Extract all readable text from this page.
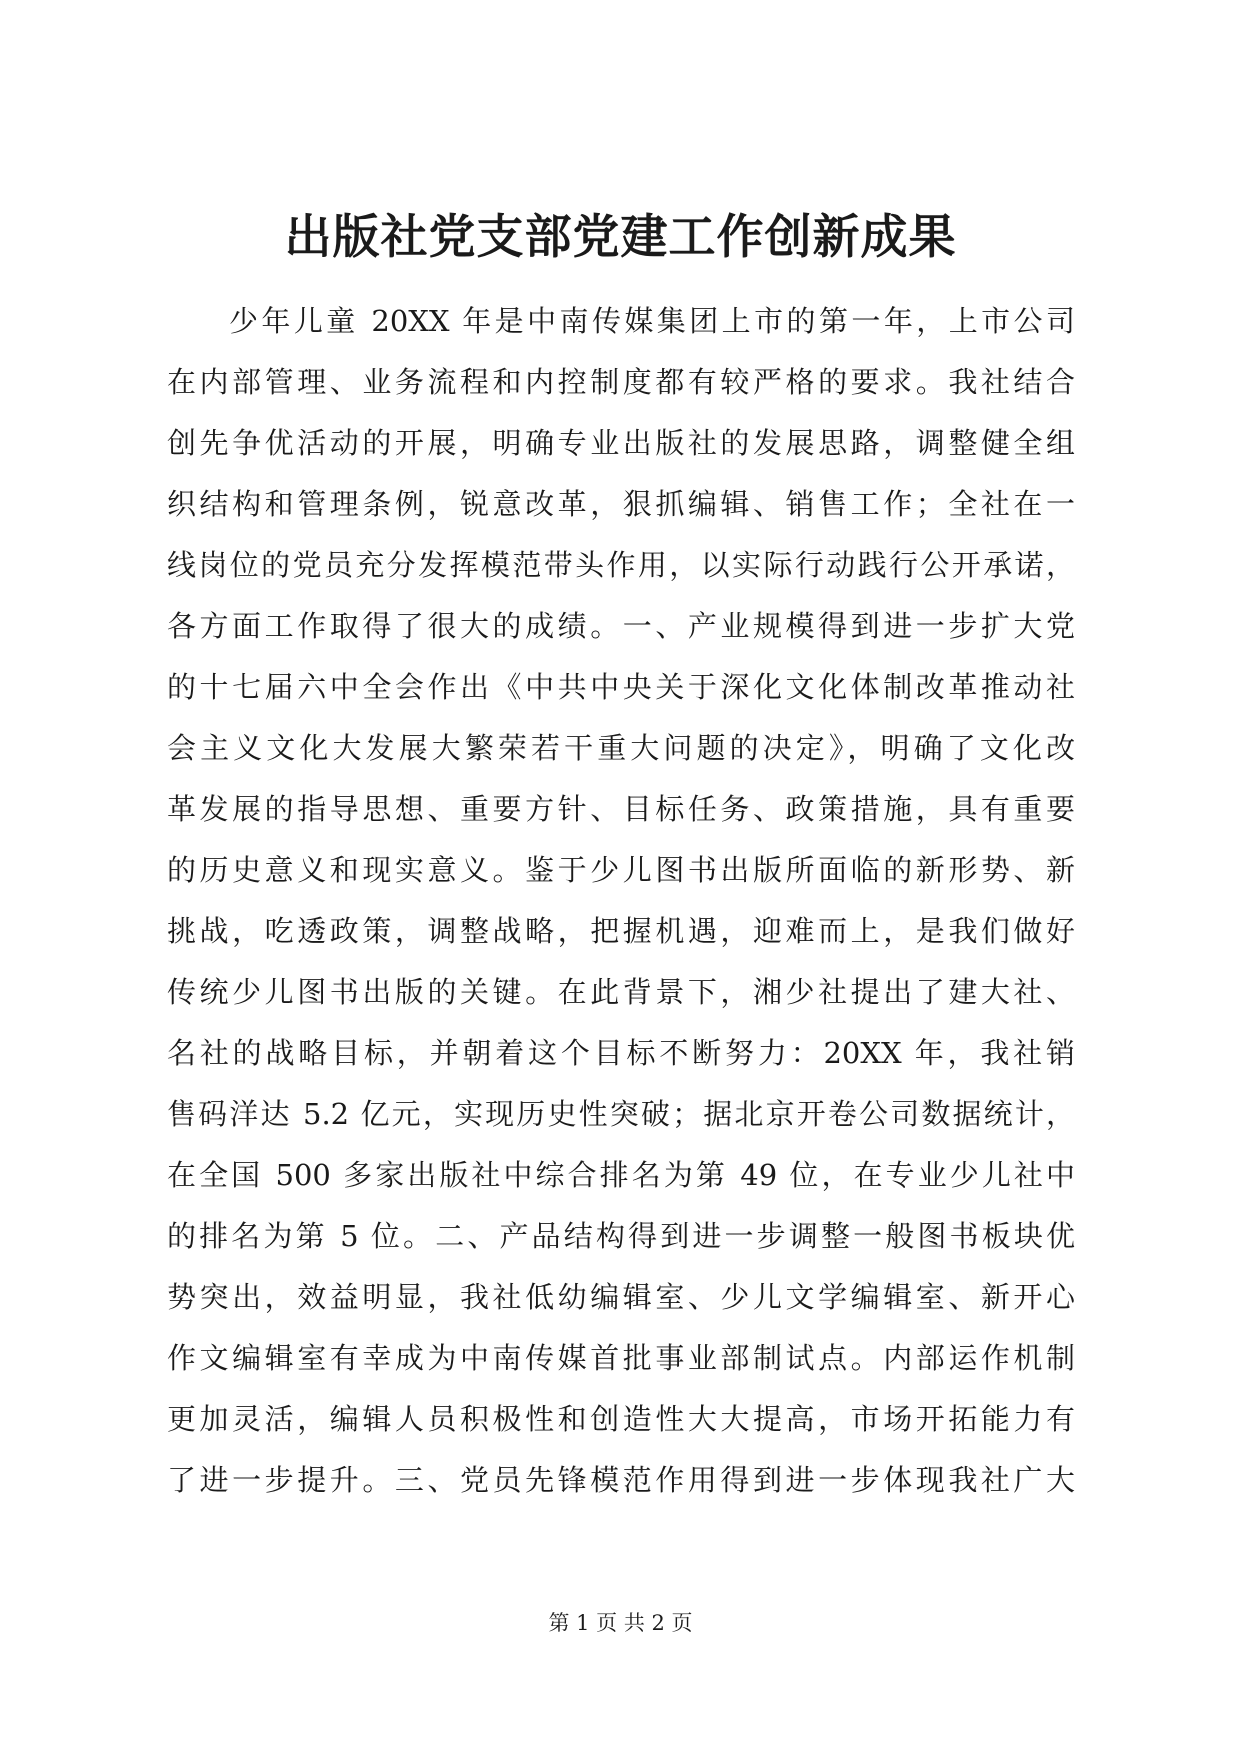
出版社党支部党建工作创新成果
少年儿童 20XX 年是中南传媒集团上市的第一年，上市公司
在内部管理、业务流程和内控制度都有较严格的要求。我社结合
创先争优活动的开展，明确专业出版社的发展思路，调整健全组
织结构和管理条例，锐意改革，狠抓编辑、销售工作；全社在一
线岗位的党员充分发挥模范带头作用，以实际行动践行公开承诺，
各方面工作取得了很大的成绩。一、产业规模得到进一步扩大党
的十七届六中全会作出《中共中央关于深化文化体制改革推动社
会主义文化大发展大繁荣若干重大问题的决定》，明确了文化改
革发展的指导思想、重要方针、目标任务、政策措施，具有重要
的历史意义和现实意义。鉴于少儿图书出版所面临的新形势、新
挑战，吃透政策，调整战略，把握机遇，迎难而上，是我们做好
传统少儿图书出版的关键。在此背景下，湘少社提出了建大社、
名社的战略目标，并朝着这个目标不断努力：20XX 年，我社销
售码洋达 5.2 亿元，实现历史性突破；据北京开卷公司数据统计，
在全国 500 多家出版社中综合排名为第 49 位，在专业少儿社中
的排名为第 5 位。二、产品结构得到进一步调整一般图书板块优
势突出，效益明显，我社低幼编辑室、少儿文学编辑室、新开心
作文编辑室有幸成为中南传媒首批事业部制试点。内部运作机制
更加灵活，编辑人员积极性和创造性大大提高，市场开拓能力有
了进一步提升。三、党员先锋模范作用得到进一步体现我社广大
第 1 页 共 2 页
